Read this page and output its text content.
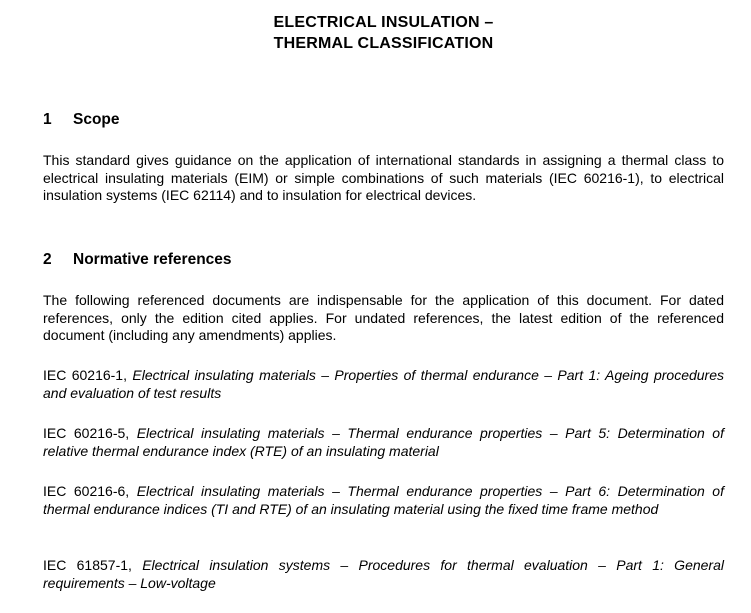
ELECTRICAL INSULATION –
THERMAL CLASSIFICATION
1 Scope
This standard gives guidance on the application of international standards in assigning a thermal class to electrical insulating materials (EIM) or simple combinations of such materials (IEC 60216-1), to electrical insulation systems (IEC 62114) and to insulation for electrical devices.
2 Normative references
The following referenced documents are indispensable for the application of this document. For dated references, only the edition cited applies. For undated references, the latest edition of the referenced document (including any amendments) applies.
IEC 60216-1, Electrical insulating materials – Properties of thermal endurance – Part 1: Ageing procedures and evaluation of test results
IEC 60216-5, Electrical insulating materials – Thermal endurance properties – Part 5: Determination of relative thermal endurance index (RTE) of an insulating material
IEC 60216-6, Electrical insulating materials – Thermal endurance properties – Part 6: Determination of thermal endurance indices (TI and RTE) of an insulating material using the fixed time frame method
IEC 61857-1, Electrical insulation systems – Procedures for thermal evaluation – Part 1: General requirements – Low-voltage
